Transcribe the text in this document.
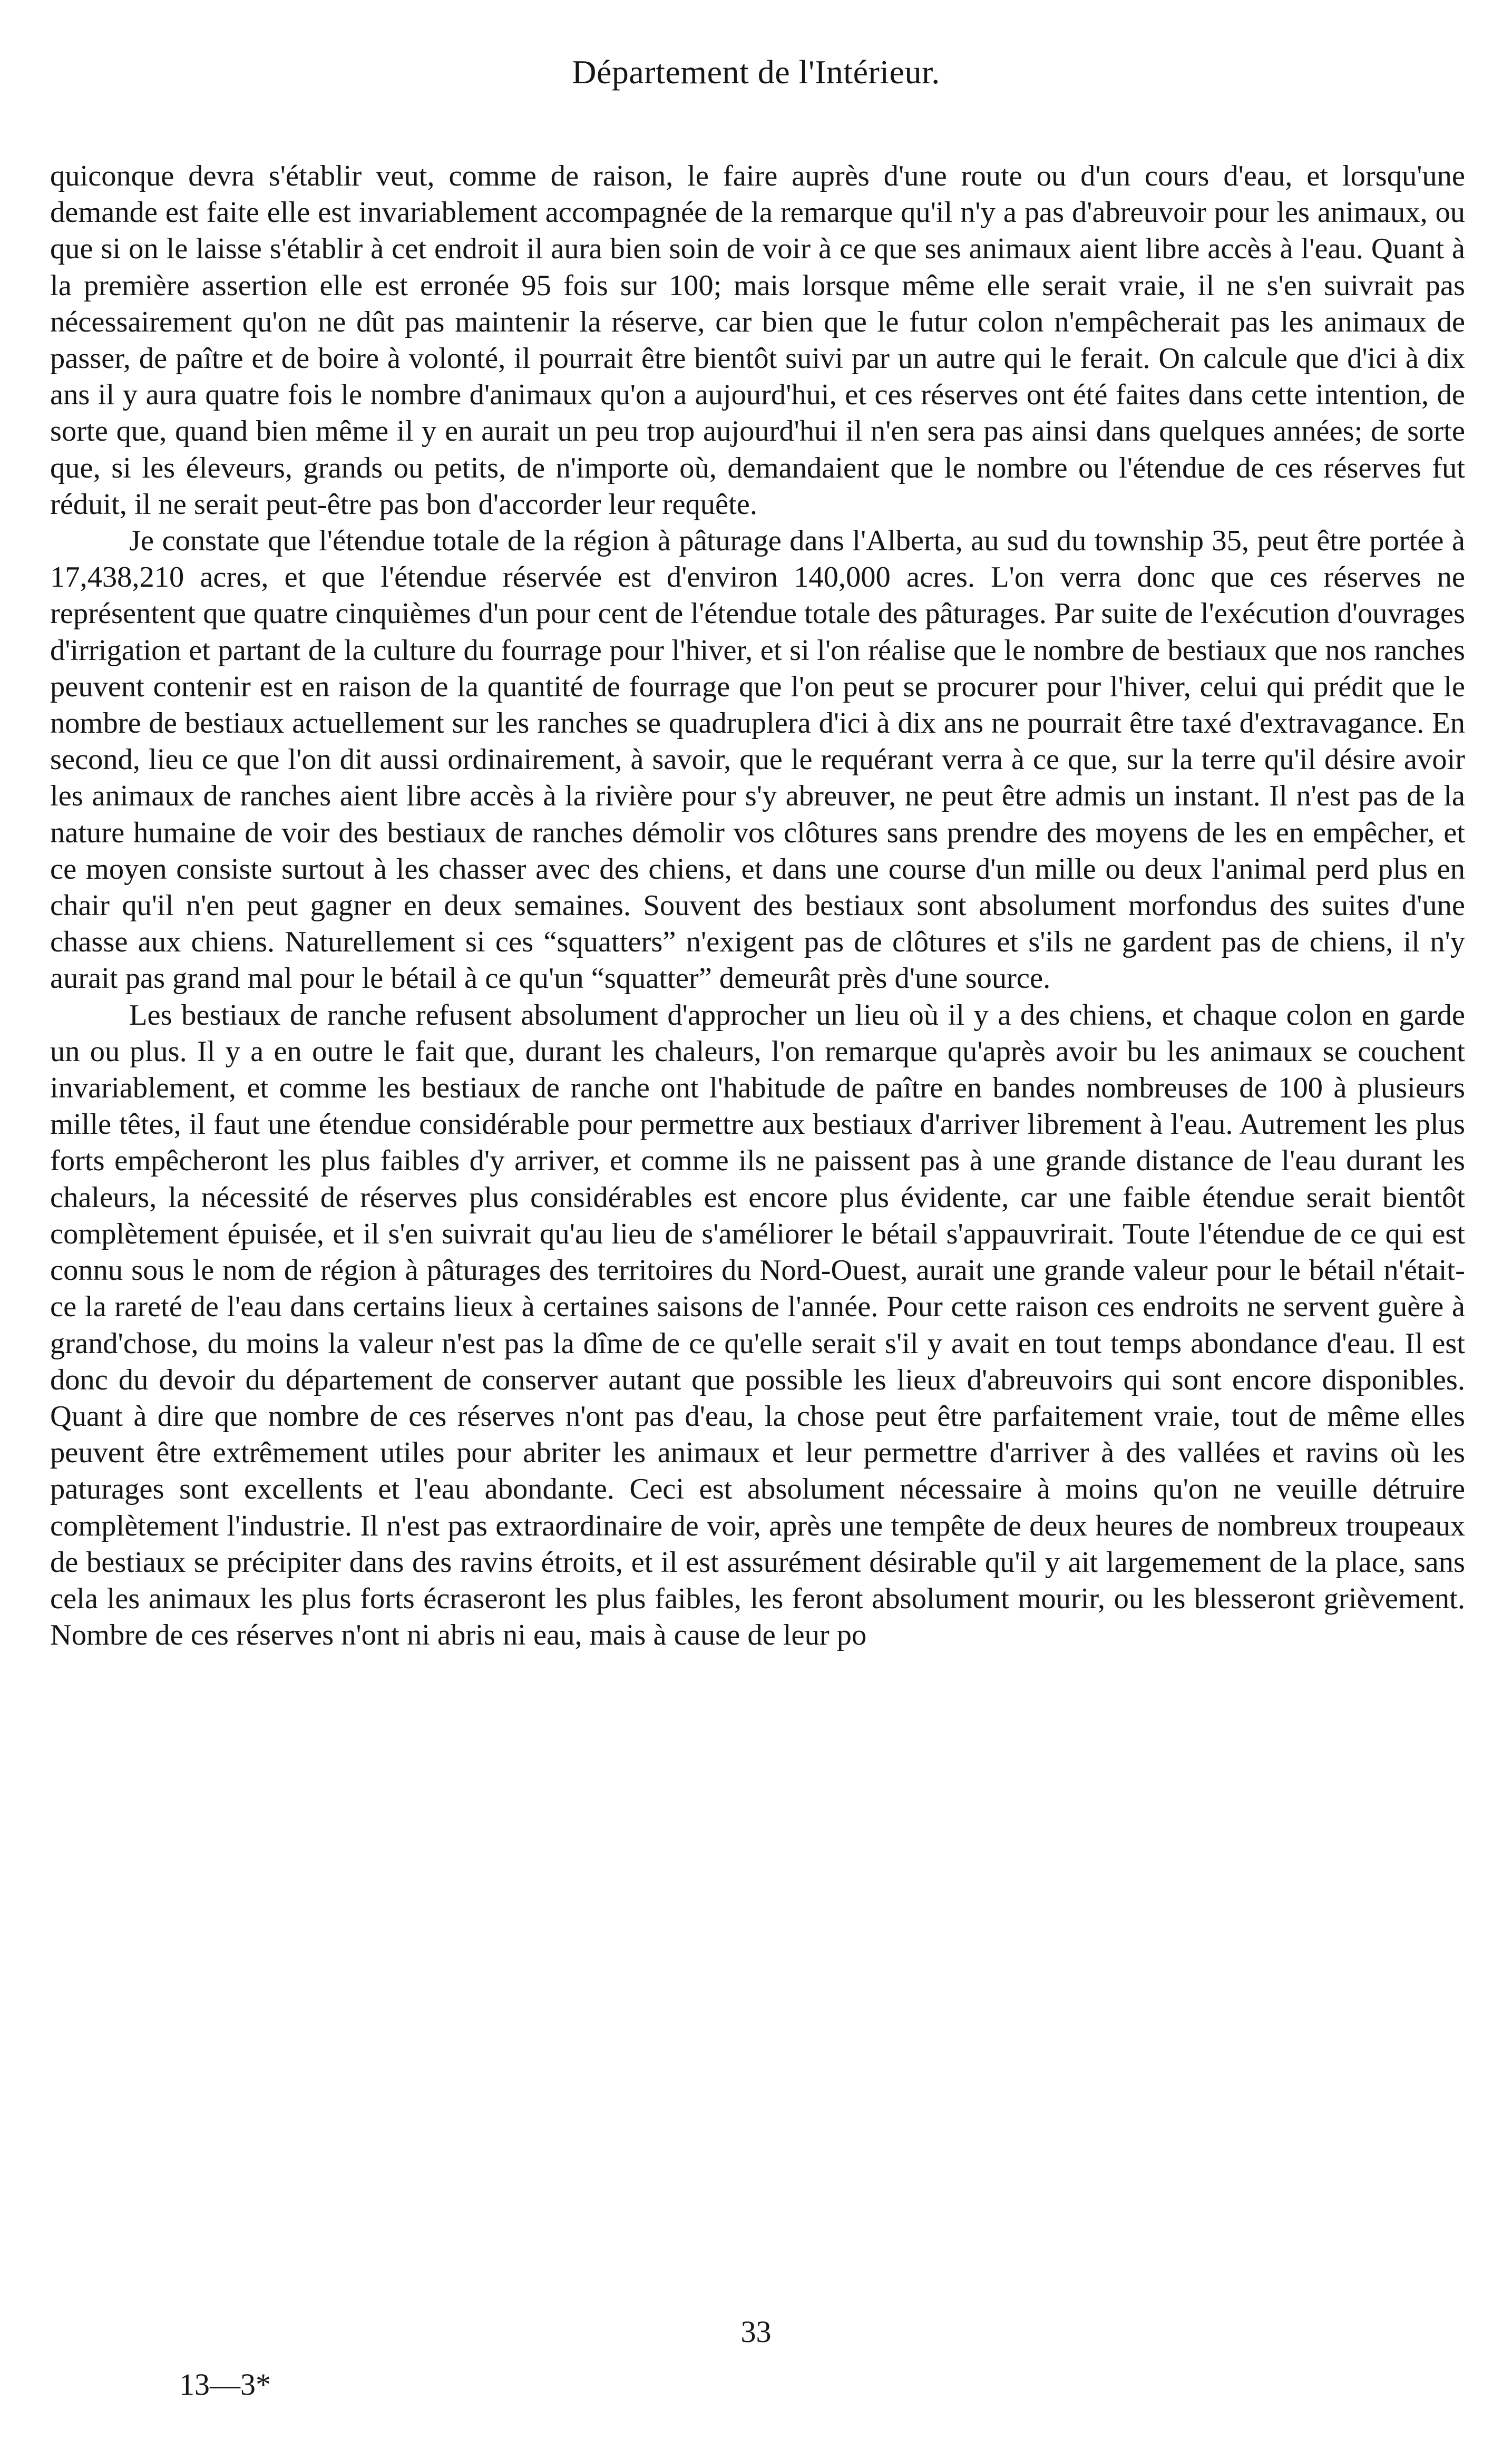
Département de l'Intérieur.

quiconque devra s'établir veut, comme de raison, le faire auprès d'une route ou d'un cours d'eau, et lorsqu'une demande est faite elle est invariablement accompagnée de la remarque qu'il n'y a pas d'abreuvoir pour les animaux, ou que si on le laisse s'établir à cet endroit il aura bien soin de voir à ce que ses animaux aient libre accès à l'eau. Quant à la première assertion elle est erronée 95 fois sur 100; mais lorsque même elle serait vraie, il ne s'en suivrait pas nécessairement qu'on ne dût pas maintenir la réserve, car bien que le futur colon n'empêcherait pas les animaux de passer, de paître et de boire à volonté, il pourrait être bientôt suivi par un autre qui le ferait. On calcule que d'ici à dix ans il y aura quatre fois le nombre d'animaux qu'on a aujourd'hui, et ces réserves ont été faites dans cette intention, de sorte que, quand bien même il y en aurait un peu trop aujourd'hui il n'en sera pas ainsi dans quelques années; de sorte que, si les éleveurs, grands ou petits, de n'importe où, demandaient que le nombre ou l'étendue de ces réserves fut réduit, il ne serait peut-être pas bon d'accorder leur requête.

Je constate que l'étendue totale de la région à pâturage dans l'Alberta, au sud du township 35, peut être portée à 17,438,210 acres, et que l'étendue réservée est d'environ 140,000 acres. L'on verra donc que ces réserves ne représentent que quatre cinquièmes d'un pour cent de l'étendue totale des pâturages. Par suite de l'exécution d'ouvrages d'irrigation et partant de la culture du fourrage pour l'hiver, et si l'on réalise que le nombre de bestiaux que nos ranches peuvent contenir est en raison de la quantité de fourrage que l'on peut se procurer pour l'hiver, celui qui prédit que le nombre de bestiaux actuellement sur les ranches se quadruplera d'ici à dix ans ne pourrait être taxé d'extravagance. En second, lieu ce que l'on dit aussi ordinairement, à savoir, que le requérant verra à ce que, sur la terre qu'il désire avoir les animaux de ranches aient libre accès à la rivière pour s'y abreuver, ne peut être admis un instant. Il n'est pas de la nature humaine de voir des bestiaux de ranches démolir vos clôtures sans prendre des moyens de les en empêcher, et ce moyen consiste surtout à les chasser avec des chiens, et dans une course d'un mille ou deux l'animal perd plus en chair qu'il n'en peut gagner en deux semaines. Souvent des bestiaux sont absolument morfondus des suites d'une chasse aux chiens. Naturellement si ces “squatters” n'exigent pas de clôtures et s'ils ne gardent pas de chiens, il n'y aurait pas grand mal pour le bétail à ce qu'un “squatter” demeurât près d'une source.

Les bestiaux de ranche refusent absolument d'approcher un lieu où il y a des chiens, et chaque colon en garde un ou plus. Il y a en outre le fait que, durant les chaleurs, l'on remarque qu'après avoir bu les animaux se couchent invariablement, et comme les bestiaux de ranche ont l'habitude de paître en bandes nombreuses de 100 à plusieurs mille têtes, il faut une étendue considérable pour permettre aux bestiaux d'arriver librement à l'eau. Autrement les plus forts empêcheront les plus faibles d'y arriver, et comme ils ne paissent pas à une grande distance de l'eau durant les chaleurs, la nécessité de réserves plus considérables est encore plus évidente, car une faible étendue serait bientôt complètement épuisée, et il s'en suivrait qu'au lieu de s'améliorer le bétail s'appauvrirait. Toute l'étendue de ce qui est connu sous le nom de région à pâturages des territoires du Nord-Ouest, aurait une grande valeur pour le bétail n'était-ce la rareté de l'eau dans certains lieux à certaines saisons de l'année. Pour cette raison ces endroits ne servent guère à grand'chose, du moins la valeur n'est pas la dîme de ce qu'elle serait s'il y avait en tout temps abondance d'eau. Il est donc du devoir du département de conserver autant que possible les lieux d'abreuvoirs qui sont encore disponibles. Quant à dire que nombre de ces réserves n'ont pas d'eau, la chose peut être parfaitement vraie, tout de même elles peuvent être extrêmement utiles pour abriter les animaux et leur permettre d'arriver à des vallées et ravins où les paturages sont excellents et l'eau abondante. Ceci est absolument nécessaire à moins qu'on ne veuille détruire complètement l'industrie. Il n'est pas extraordinaire de voir, après une tempête de deux heures de nombreux troupeaux de bestiaux se précipiter dans des ravins étroits, et il est assurément désirable qu'il y ait largemement de la place, sans cela les animaux les plus forts écraseront les plus faibles, les feront absolument mourir, ou les blesseront grièvement. Nombre de ces réserves n'ont ni abris ni eau, mais à cause de leur po

33
13—3*
